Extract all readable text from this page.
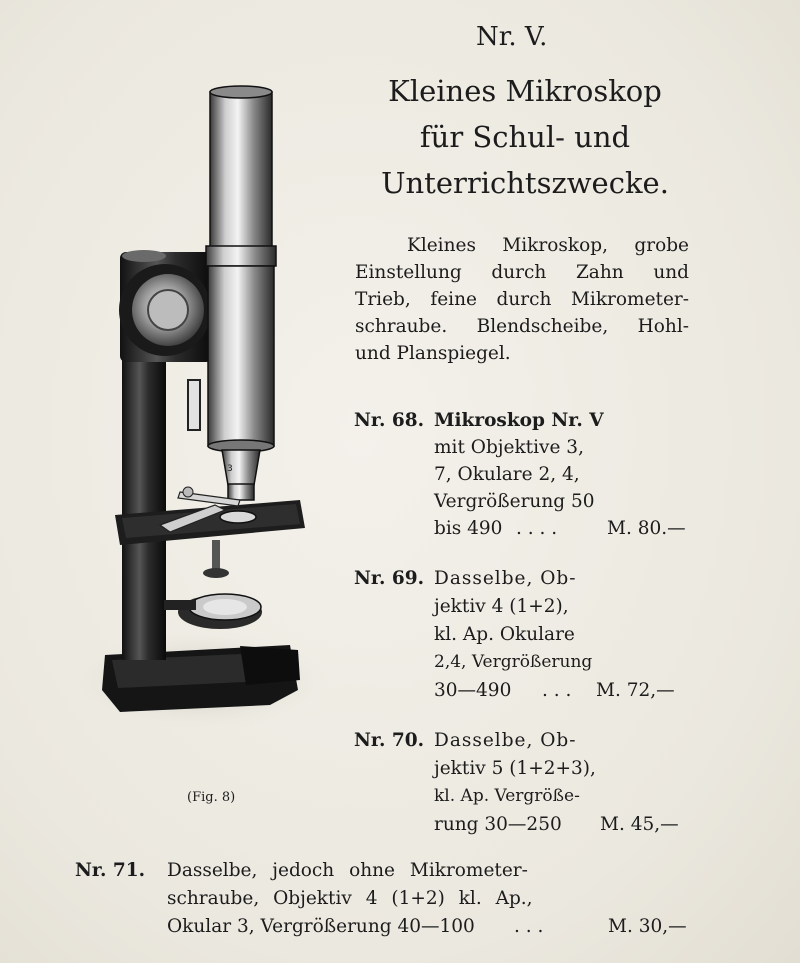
Nr. V.
Kleines Mikroskop
für Schul- und
Unterrichtszwecke.
Kleines Mikroskop, grobe
Einstellung durch Zahn und
Trieb, feine durch Mikrometer-
schraube. Blendscheibe, Hohl-
und Planspiegel.
3
(Fig. 8)
Nr. 68. Mikroskop Nr. V
mit Objektive 3,
7, Okulare 2, 4,
Vergrößerung 50
bis 490 . . . .	M. 80.—
Nr. 69. Dasselbe, Ob-
jektiv 4 (1+2),
kl. Ap. Okulare
2,4, Vergrößerung
30—490 . . . M. 72,—
Nr. 70. Dasselbe, Ob-
jektiv 5 (1+2+3),
kl. Ap. Vergröße-
rung 30—250 M. 45,—
Nr. 71. Dasselbe, jedoch ohne Mikrometer-
schraube, Objektiv 4 (1+2) kl. Ap.,
Okular 3, Vergrößerung 40—100 . . .	M. 30,—
